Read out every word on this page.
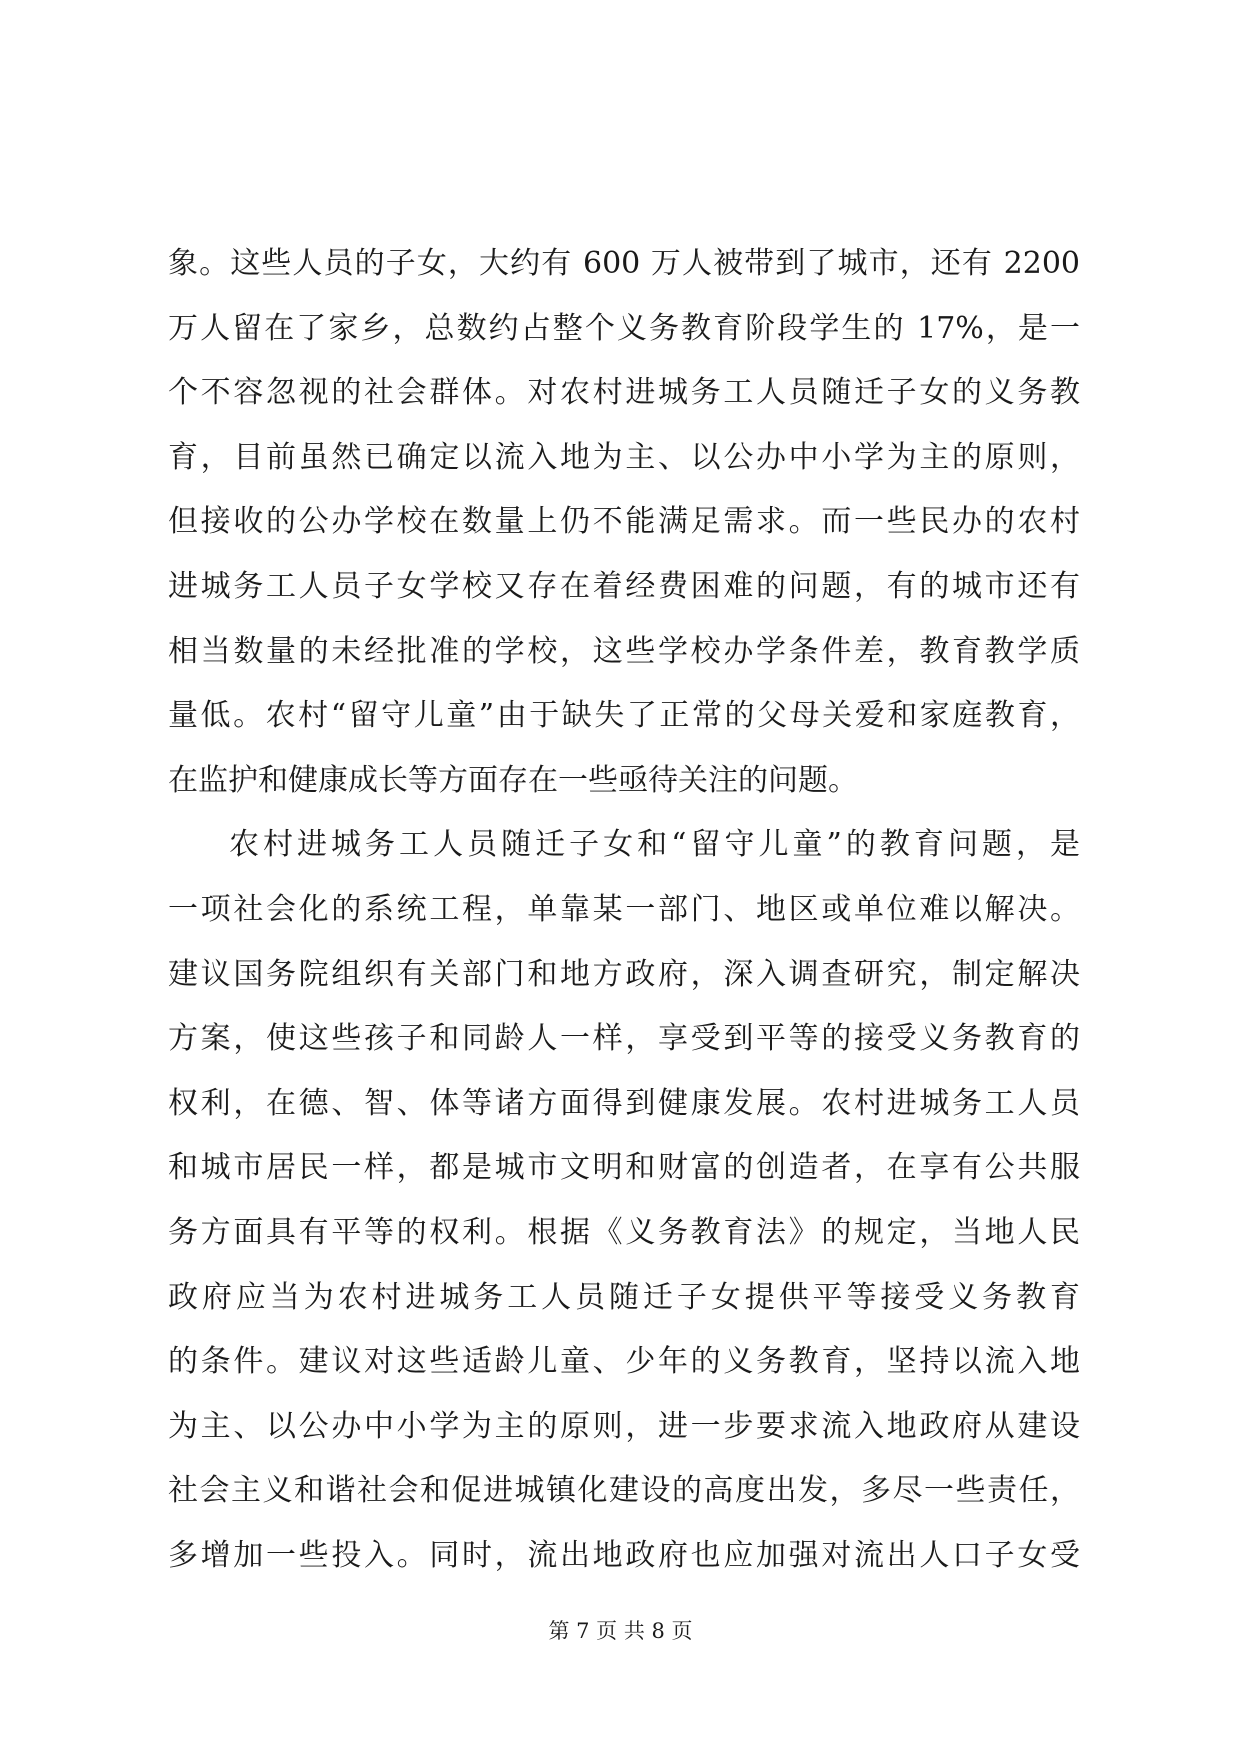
象。这些人员的子女，大约有 600 万人被带到了城市，还有 2200
万人留在了家乡，总数约占整个义务教育阶段学生的 17%，是一
个不容忽视的社会群体。对农村进城务工人员随迁子女的义务教
育，目前虽然已确定以流入地为主、以公办中小学为主的原则，
但接收的公办学校在数量上仍不能满足需求。而一些民办的农村
进城务工人员子女学校又存在着经费困难的问题，有的城市还有
相当数量的未经批准的学校，这些学校办学条件差，教育教学质
量低。农村“留守儿童”由于缺失了正常的父母关爱和家庭教育，
在监护和健康成长等方面存在一些亟待关注的问题。
农村进城务工人员随迁子女和“留守儿童”的教育问题，是
一项社会化的系统工程，单靠某一部门、地区或单位难以解决。
建议国务院组织有关部门和地方政府，深入调查研究，制定解决
方案，使这些孩子和同龄人一样，享受到平等的接受义务教育的
权利，在德、智、体等诸方面得到健康发展。农村进城务工人员
和城市居民一样，都是城市文明和财富的创造者，在享有公共服
务方面具有平等的权利。根据《义务教育法》的规定，当地人民
政府应当为农村进城务工人员随迁子女提供平等接受义务教育
的条件。建议对这些适龄儿童、少年的义务教育，坚持以流入地
为主、以公办中小学为主的原则，进一步要求流入地政府从建设
社会主义和谐社会和促进城镇化建设的高度出发，多尽一些责任，
多增加一些投入。同时，流出地政府也应加强对流出人口子女受
第 7 页 共 8 页
